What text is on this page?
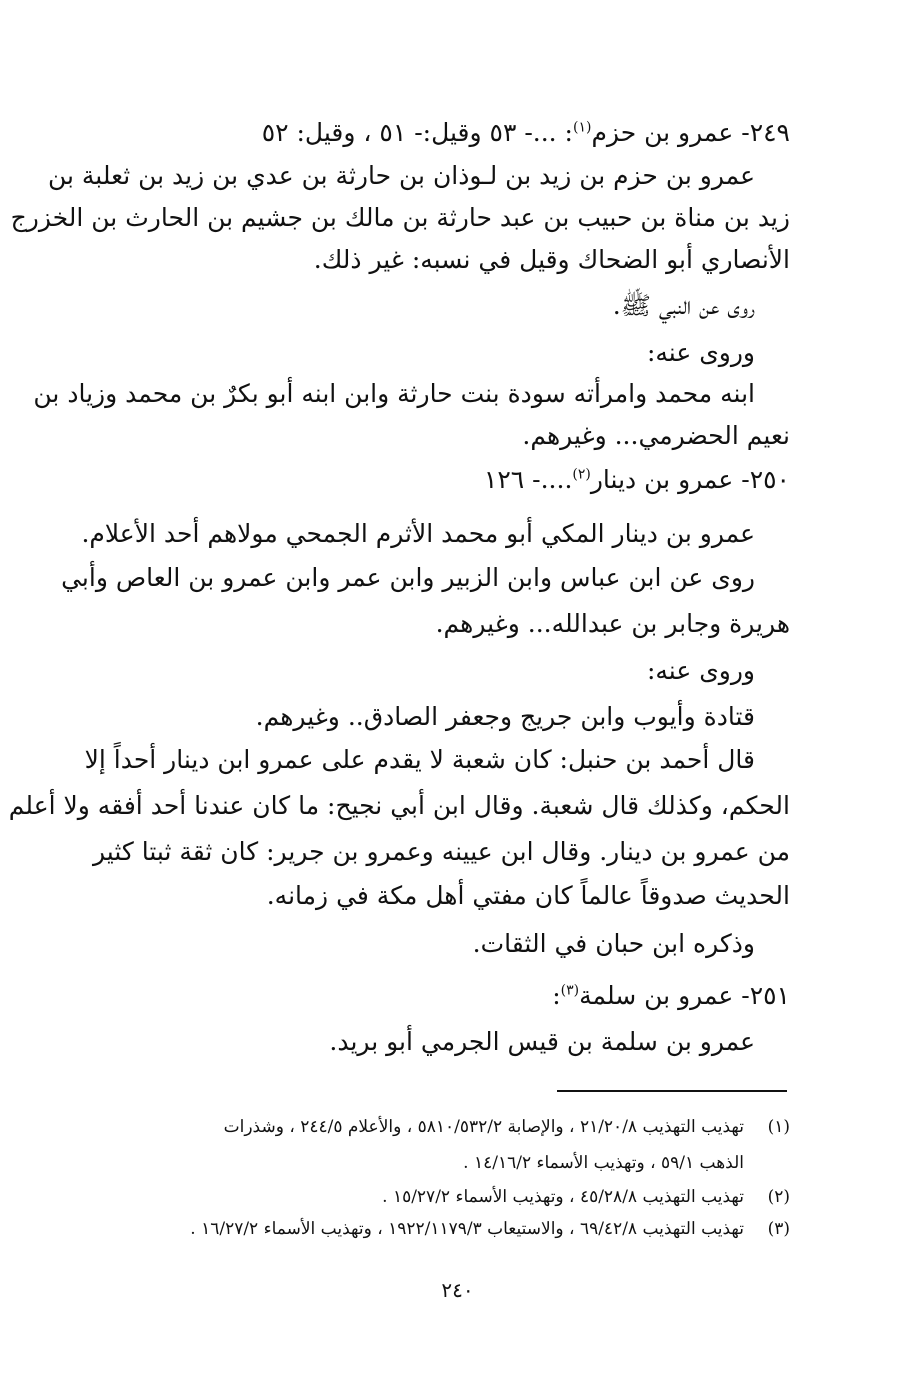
٢٤٩- عمرو بن حزم$^{(١)}$: ...- ٥٣ وقيل:- ٥١ ، وقيل: ٥٢
عمرو بن حزم بن زيد بن لـوذان بن حارثة بن عدي بن زيد بن ثعلبة بن
زيد بن مناة بن حبيب بن عبد حارثة بن مالك بن جشيم بن الحارث بن الخزرج
الأنصاري أبو الضحاك وقيل في نسبه: غير ذلك.
روى عن النبي ﷺ.
وروى عنه:
ابنه محمد وامرأته سودة بنت حارثة وابن ابنه أبو بكرٌ بن محمد وزياد بن
نعيم الحضرمي... وغيرهم.
٢٥٠- عمرو بن دينار$^{(٢)}$....- ١٢٦
عمرو بن دينار المكي أبو محمد الأثرم الجمحي مولاهم أحد الأعلام.
روى عن ابن عباس وابن الزبير وابن عمر وابن عمرو بن العاص وأبي
هريرة وجابر بن عبدالله... وغيرهم.
وروى عنه:
قتادة وأيوب وابن جريج وجعفر الصادق.. وغيرهم.
قال أحمد بن حنبل: كان شعبة لا يقدم على عمرو ابن دينار أحداً إلا
الحكم، وكذلك قال شعبة. وقال ابن أبي نجيح: ما كان عندنا أحد أفقه ولا أعلم
من عمرو بن دينار. وقال ابن عيينه وعمرو بن جرير: كان ثقة ثبتا كثير
الحديث صدوقاً عالماً كان مفتي أهل مكة في زمانه.
وذكره ابن حبان في الثقات.
٢٥١- عمرو بن سلمة$^{(٣)}$:
عمرو بن سلمة بن قيس الجرمي أبو بريد.
(١)تهذيب التهذيب ٢١/٢٠/٨ ، والإصابة ٥٨١٠/٥٣٢/٢ ، والأعلام ٢٤٤/٥ ، وشذرات
الذهب ٥٩/١ ، وتهذيب الأسماء ١٤/١٦/٢ .
(٢)تهذيب التهذيب ٤٥/٢٨/٨ ، وتهذيب الأسماء ١٥/٢٧/٢ .
(٣)تهذيب التهذيب ٦٩/٤٢/٨ ، والاستيعاب ١٩٢٢/١١٧٩/٣ ، وتهذيب الأسماء ١٦/٢٧/٢ .
٢٤٠
